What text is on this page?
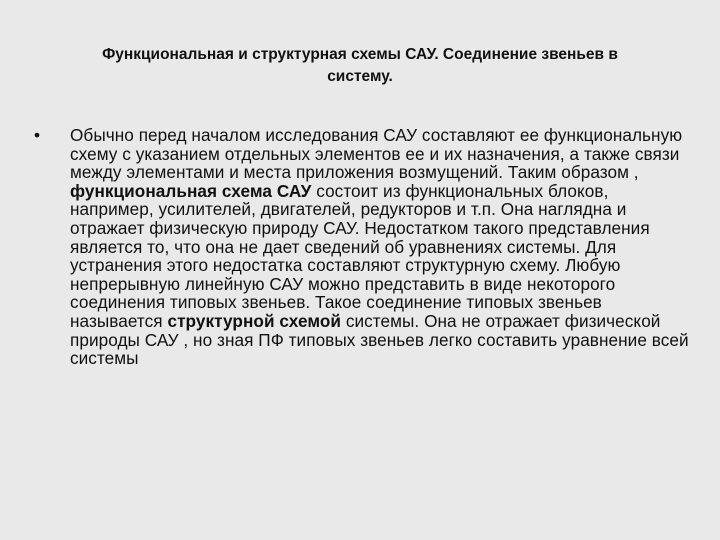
Функциональная и структурная схемы САУ. Соединение звеньев в
систему.
•	Обычно перед началом исследования САУ составляют ее функциональную схему с указанием отдельных элементов ее и их назначения, а также связи между элементами и места приложения возмущений. Таким образом , функциональная схема САУ состоит из функциональных блоков, например, усилителей, двигателей, редукторов и т.п. Она наглядна и отражает физическую природу САУ. Недостатком такого представления является то, что она не дает сведений об уравнениях системы. Для устранения этого недостатка составляют структурную схему. Любую непрерывную линейную САУ можно представить в виде некоторого соединения типовых звеньев. Такое соединение типовых звеньев называется структурной схемой системы. Она не отражает физической природы САУ , но зная ПФ типовых звеньев легко составить уравнение всей системы
